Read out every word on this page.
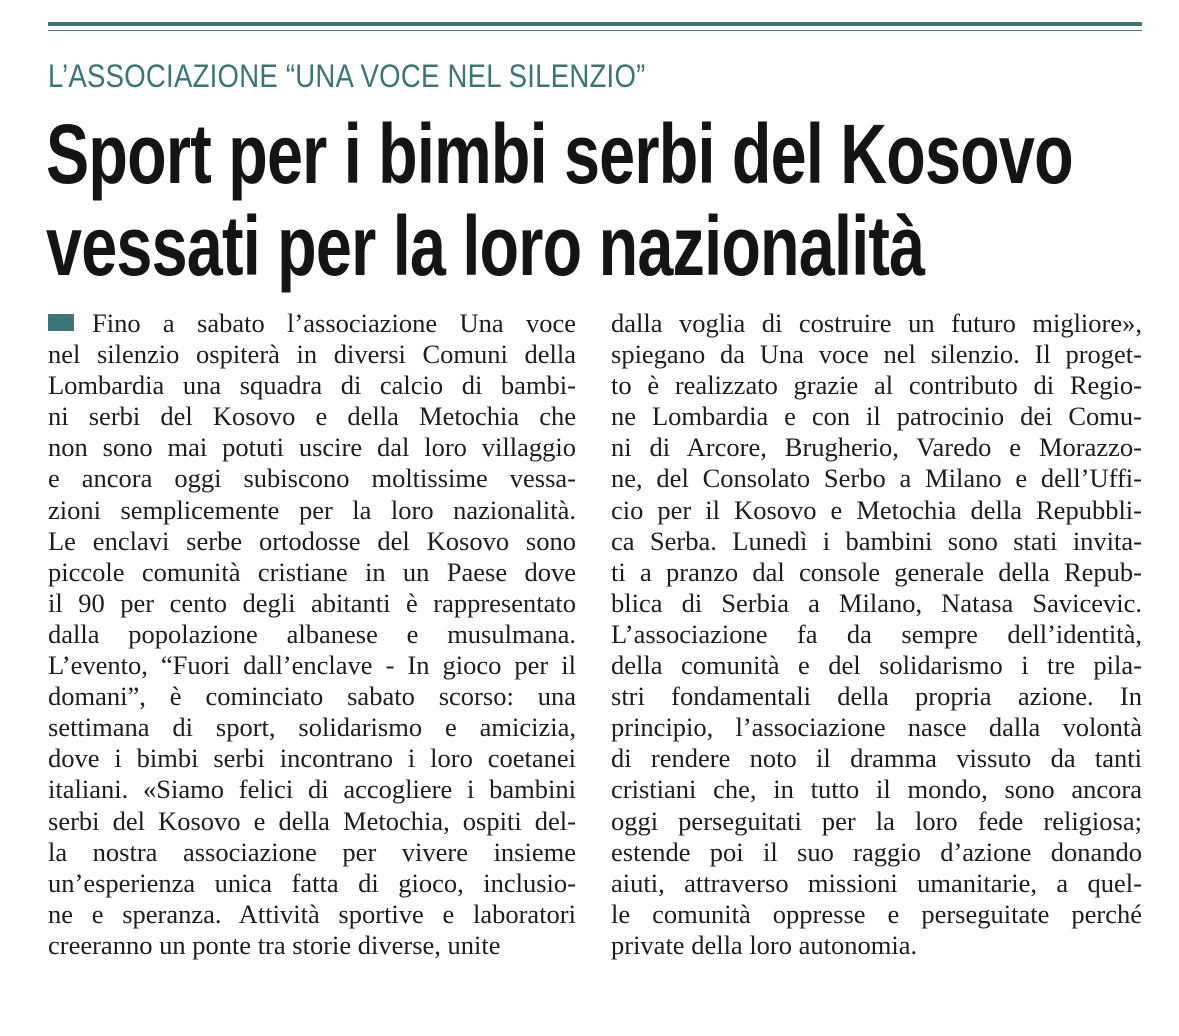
L’ASSOCIAZIONE “UNA VOCE NEL SILENZIO”
Sport per i bimbi serbi del Kosovo
vessati per la loro nazionalità
Fino a sabato l’associazione Una voce
nel silenzio ospiterà in diversi Comuni della
Lombardia una squadra di calcio di bambi-
ni serbi del Kosovo e della Metochia che
non sono mai potuti uscire dal loro villaggio
e ancora oggi subiscono moltissime vessa-
zioni semplicemente per la loro nazionalità.
Le enclavi serbe ortodosse del Kosovo sono
piccole comunità cristiane in un Paese dove
il 90 per cento degli abitanti è rappresentato
dalla popolazione albanese e musulmana.
L’evento, “Fuori dall’enclave - In gioco per il
domani”, è cominciato sabato scorso: una
settimana di sport, solidarismo e amicizia,
dove i bimbi serbi incontrano i loro coetanei
italiani. «Siamo felici di accogliere i bambini
serbi del Kosovo e della Metochia, ospiti del-
la nostra associazione per vivere insieme
un’esperienza unica fatta di gioco, inclusio-
ne e speranza. Attività sportive e laboratori
creeranno un ponte tra storie diverse, unite
dalla voglia di costruire un futuro migliore»,
spiegano da Una voce nel silenzio. Il proget-
to è realizzato grazie al contributo di Regio-
ne Lombardia e con il patrocinio dei Comu-
ni di Arcore, Brugherio, Varedo e Morazzo-
ne, del Consolato Serbo a Milano e dell’Uffi-
cio per il Kosovo e Metochia della Repubbli-
ca Serba. Lunedì i bambini sono stati invita-
ti a pranzo dal console generale della Repub-
blica di Serbia a Milano, Natasa Savicevic.
L’associazione fa da sempre dell’identità,
della comunità e del solidarismo i tre pila-
stri fondamentali della propria azione. In
principio, l’associazione nasce dalla volontà
di rendere noto il dramma vissuto da tanti
cristiani che, in tutto il mondo, sono ancora
oggi perseguitati per la loro fede religiosa;
estende poi il suo raggio d’azione donando
aiuti, attraverso missioni umanitarie, a quel-
le comunità oppresse e perseguitate perché
private della loro autonomia.
